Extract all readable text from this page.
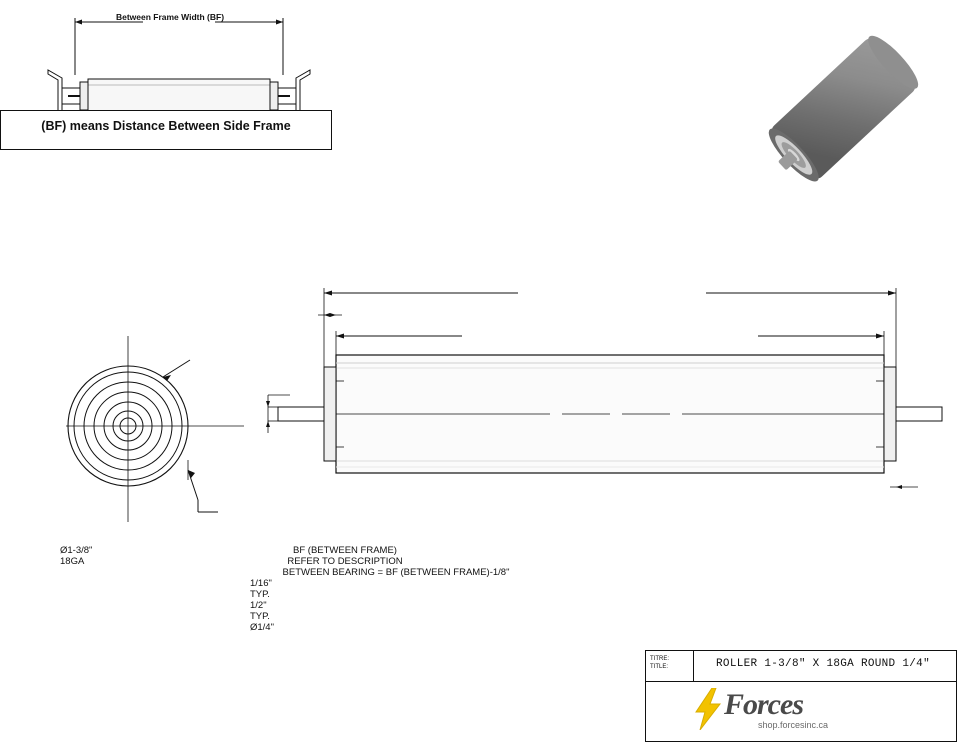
Between Frame Width (BF)
(BF) means Distance Between Side Frame
Ø1-3/8"
18GA
BF (BETWEEN FRAME)
REFER TO DESCRIPTION
BETWEEN BEARING = BF (BETWEEN FRAME)-1/8"
1/16"
TYP.
1/2"
TYP.
Ø1/4"
TITRE:
TITLE:	ROLLER 1-3/8" X 18GA ROUND 1/4"
Forces
shop.forcesinc.ca
